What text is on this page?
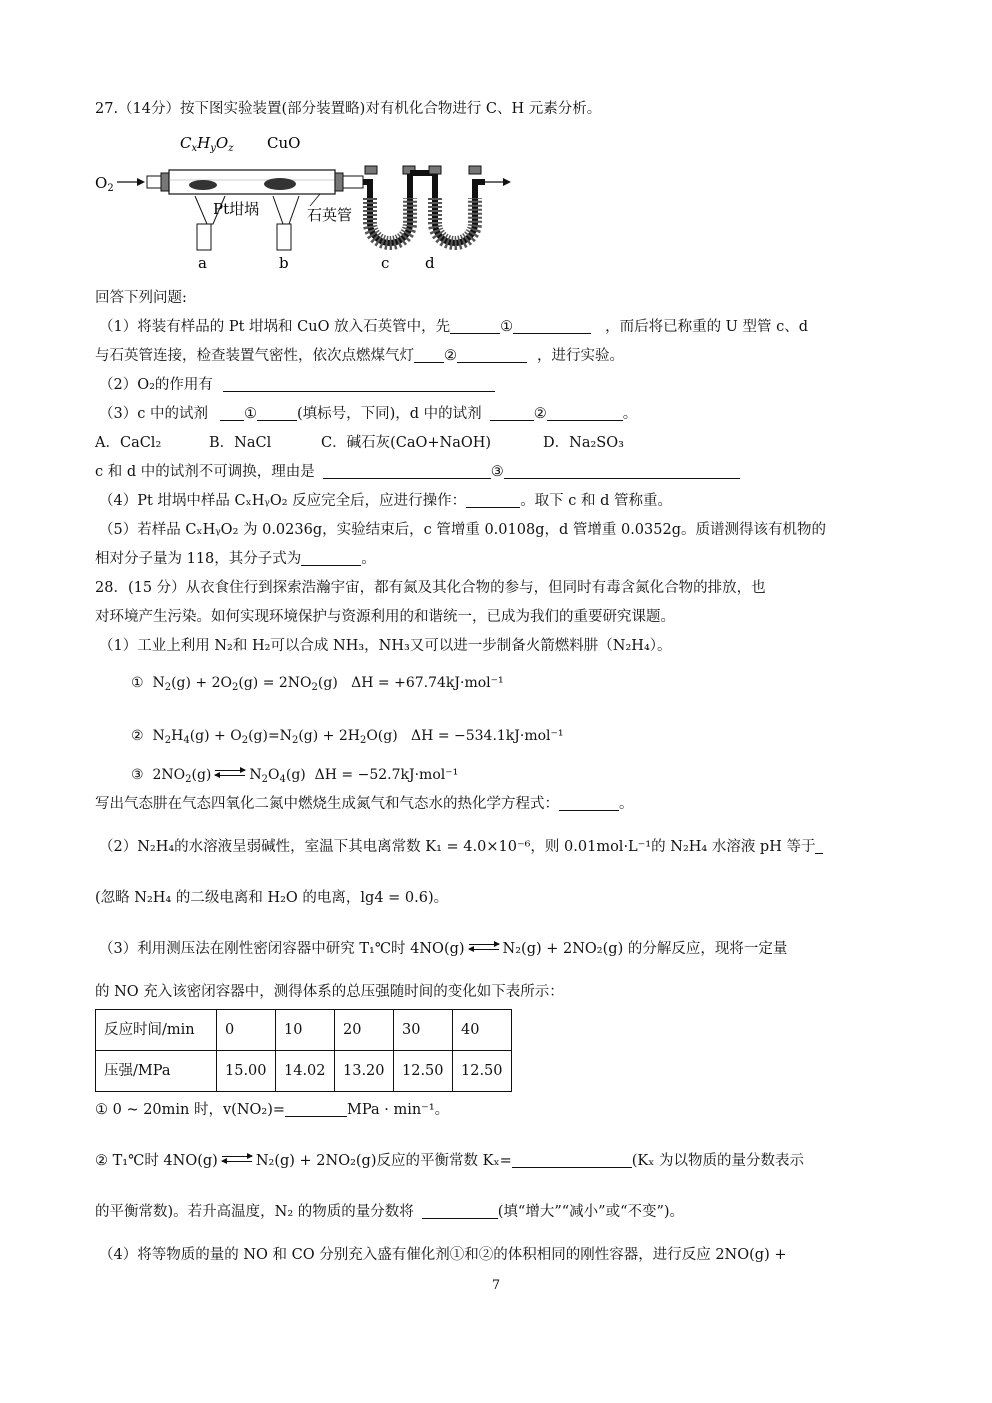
$C_xH_yO_z$ CuO
$O_2$
Pt坩埚	石英管
a	b	c d
27.（14分）按下图实验装置(部分装置略)对有机化合物进行 C、H 元素分析。
回答下列问题:
（1）将装有样品的 Pt 坩埚和 CuO 放入石英管中，先	①	，而后将已称重的 U 型管 c、d
与石英管连接，检查装置气密性，依次点燃煤气灯 ②	，进行实验。
（2）O₂的作用有
（3）c 中的试剂 ①	(填标号，下同)，d 中的试剂	②	。
A．CaCl₂	B．NaCl	C．碱石灰(CaO+NaOH)	D．Na₂SO₃
c 和 d 中的试剂不可调换，理由是	③
（4）Pt 坩埚中样品 CₓHᵧO₂ 反应完全后，应进行操作：	。取下 c 和 d 管称重。
（5）若样品 CₓHᵧO₂ 为 0.0236g，实验结束后，c 管增重 0.0108g，d 管增重 0.0352g。质谱测得该有机物的
相对分子量为 118，其分子式为	。
28．(15 分）从衣食住行到探索浩瀚宇宙，都有氮及其化合物的参与，但同时有毒含氮化合物的排放，也
对环境产生污染。如何实现环境保护与资源利用的和谐统一，已成为我们的重要研究课题。
（1）工业上利用 N₂和 H₂可以合成 NH₃，NH₃又可以进一步制备火箭燃料肼（N₂H₄）。
①  $N_2(g) + 2O_2(g) = 2NO_2(g) \Delta H = +67.74kJ\cdot mol^{-1}$
②  $N_2H_4(g) + O_2(g)=N_2(g) + 2H_2O(g) \Delta H = -534.1kJ\cdot mol^{-1}$
③  $2NO_2(g)$	$N_2O_4(g) \Delta H = -52.7kJ\cdot mol^{-1}$
写出气态肼在气态四氧化二氮中燃烧生成氮气和气态水的热化学方程式：	。
（2）N₂H₄的水溶液呈弱碱性，室温下其电离常数 K₁ = 4.0×10⁻⁶，则 0.01mol·L⁻¹的 N₂H₄ 水溶液 pH 等于
(忽略 N₂H₄ 的二级电离和 H₂O 的电离，lg4 = 0.6)。
（3）利用测压法在刚性密闭容器中研究 T₁℃时 4NO(g)	N₂(g) + 2NO₂(g) 的分解反应，现将一定量
的 NO 充入该密闭容器中，测得体系的总压强随时间的变化如下表所示：
反应时间/min	0	10	20	30	40
压强/MPa	15.00	14.02	13.20	12.50	12.50
① 0 ~ 20min 时，v(NO₂)=	MPa · min⁻¹。
② T₁℃时 4NO(g)	N₂(g) + 2NO₂(g)反应的平衡常数 Kₓ=	(Kₓ 为以物质的量分数表示
的平衡常数)。若升高温度，N₂ 的物质的量分数将	(填“增大”“减小”或“不变”)。
（4）将等物质的量的 NO 和 CO 分别充入盛有催化剂①和②的体积相同的刚性容器，进行反应 2NO(g) +
7
